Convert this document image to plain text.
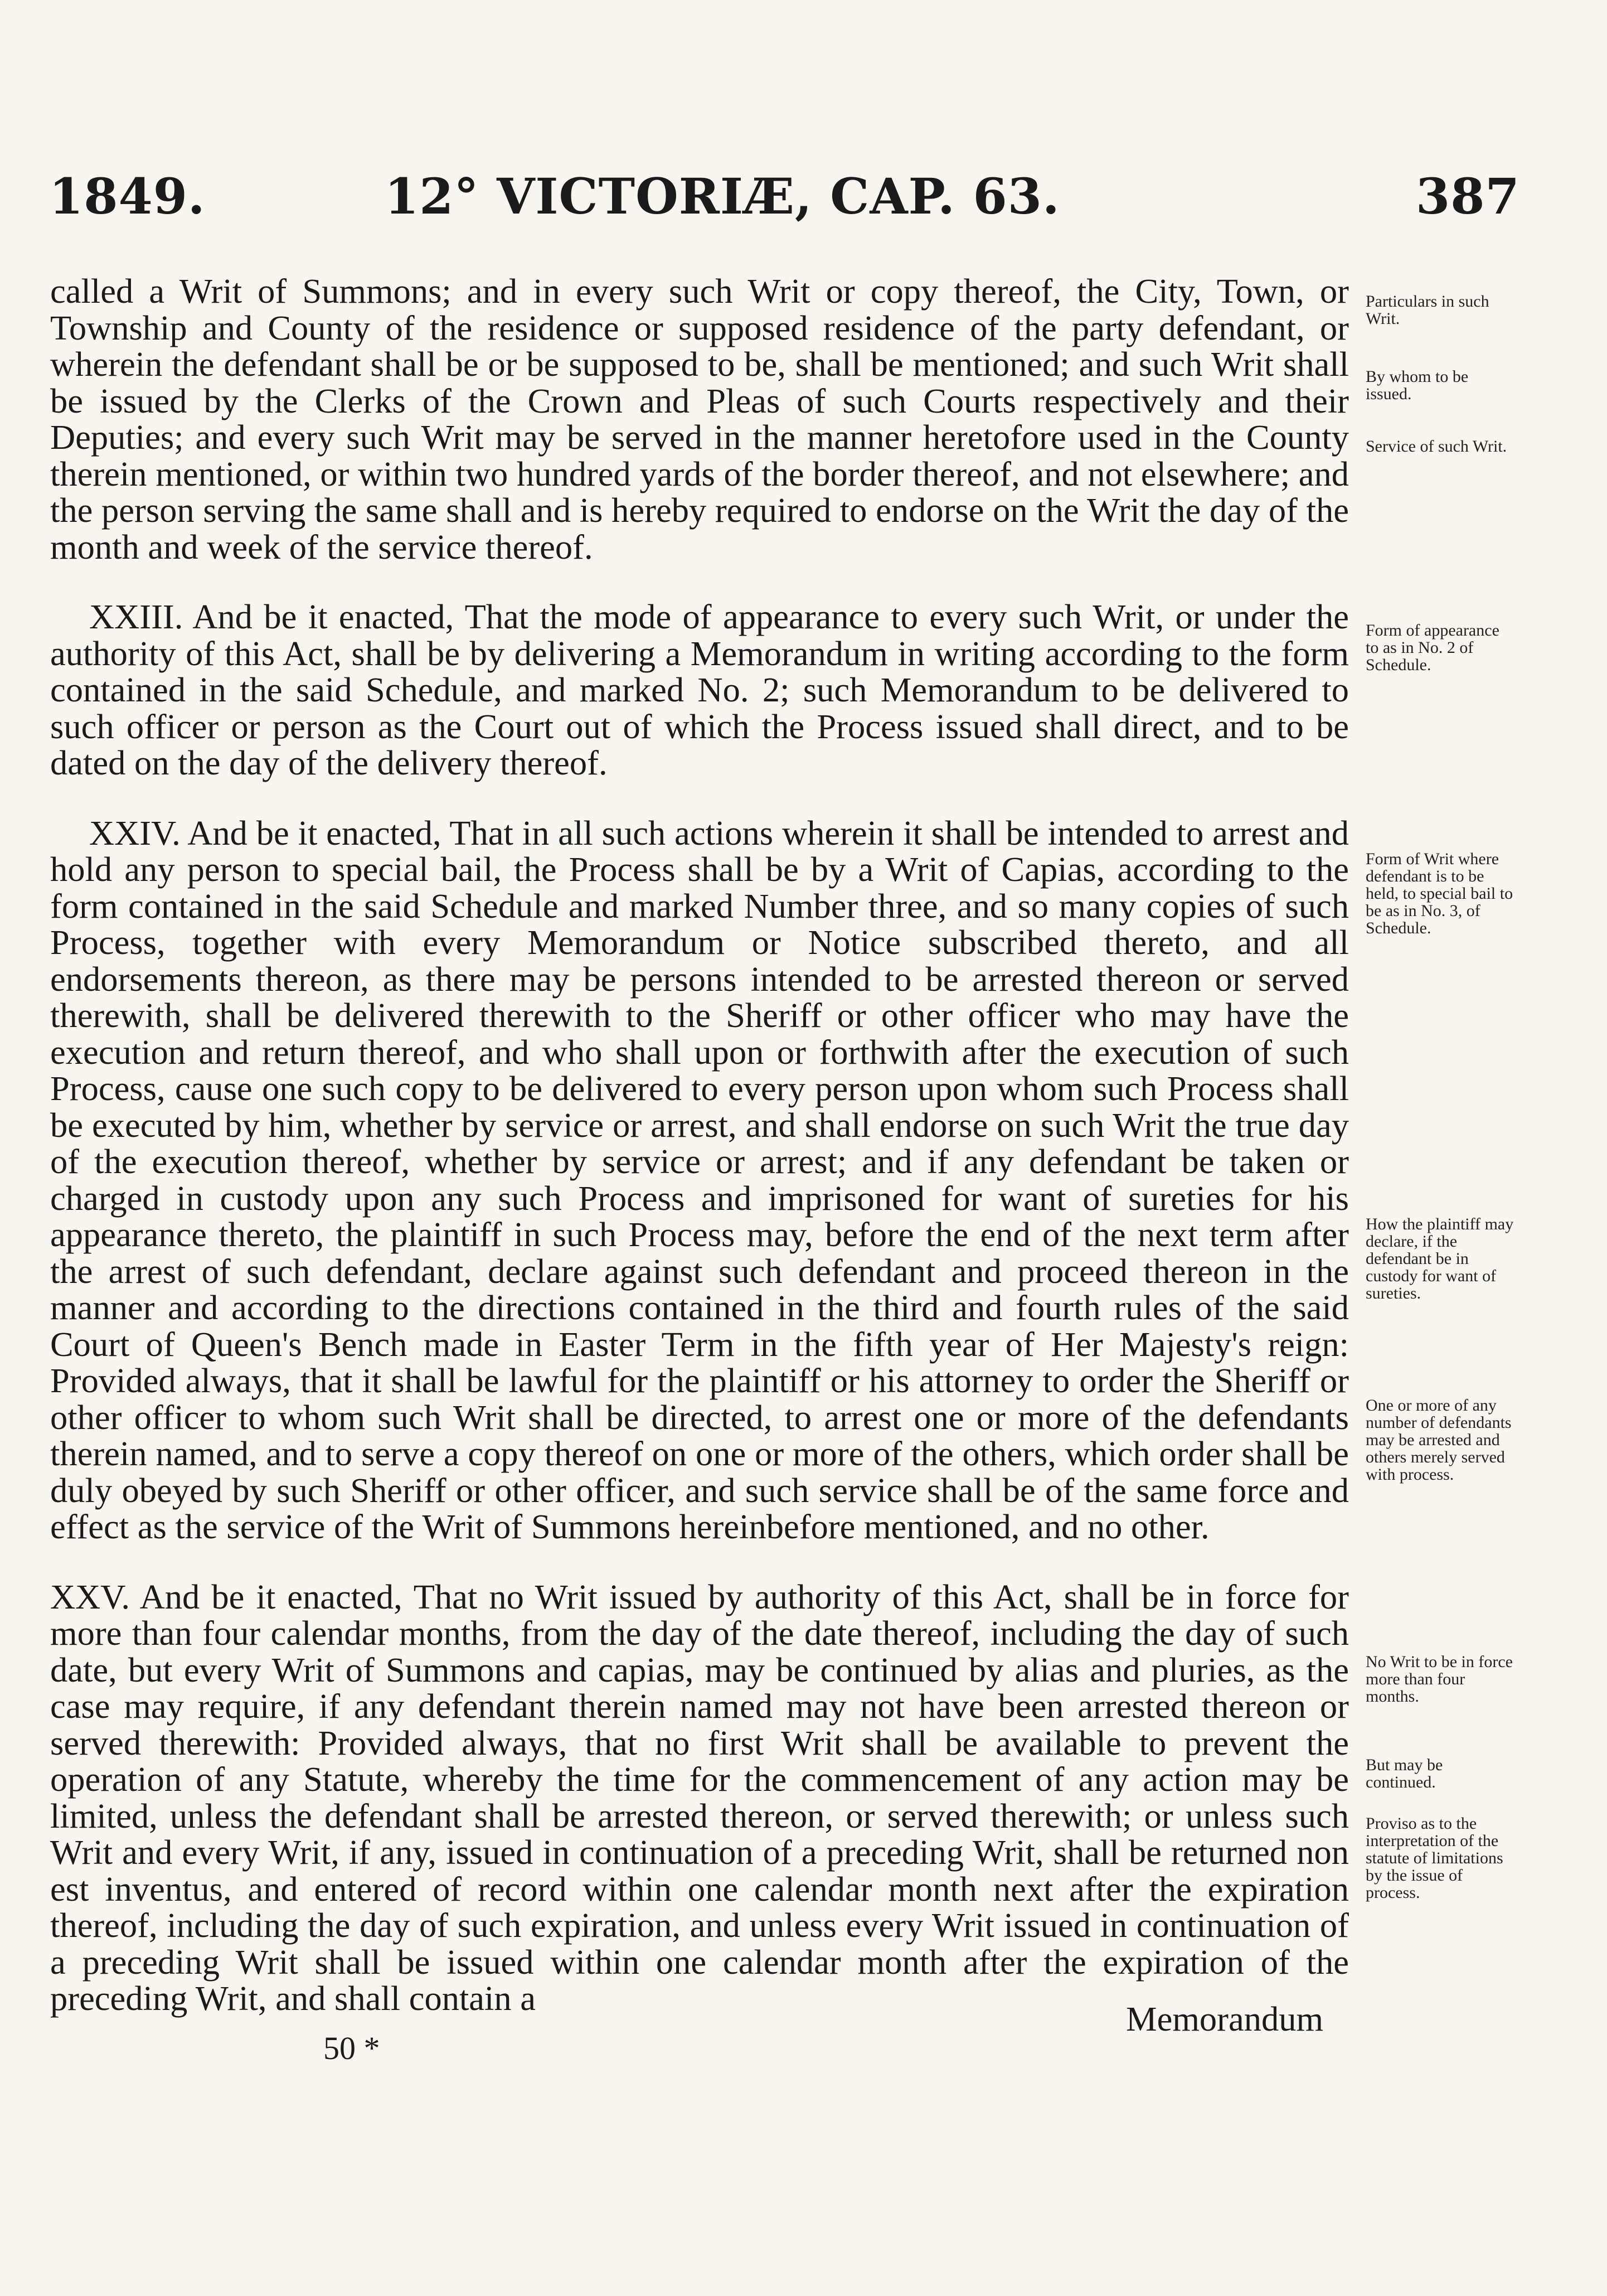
1849.	12° VICTORIÆ, CAP. 63.	387

called a Writ of Summons; and in every such Writ or copy thereof, the City, Town, or Township and County of the residence or supposed residence of the party defendant, or wherein the defendant shall be or be supposed to be, shall be mentioned; and such Writ shall be issued by the Clerks of the Crown and Pleas of such Courts respectively and their Deputies; and every such Writ may be served in the manner heretofore used in the County therein mentioned, or within two hundred yards of the border thereof, and not elsewhere; and the person serving the same shall and is hereby required to endorse on the Writ the day of the month and week of the service thereof.

XXIII. And be it enacted, That the mode of appearance to every such Writ, or under the authority of this Act, shall be by delivering a Memorandum in writing according to the form contained in the said Schedule, and marked No. 2; such Memorandum to be delivered to such officer or person as the Court out of which the Process issued shall direct, and to be dated on the day of the delivery thereof.

XXIV. And be it enacted, That in all such actions wherein it shall be intended to arrest and hold any person to special bail, the Process shall be by a Writ of Capias, according to the form contained in the said Schedule and marked Number three, and so many copies of such Process, together with every Memorandum or Notice subscribed thereto, and all endorsements thereon, as there may be persons intended to be arrested thereon or served therewith, shall be delivered therewith to the Sheriff or other officer who may have the execution and return thereof, and who shall upon or forthwith after the execution of such Process, cause one such copy to be delivered to every person upon whom such Process shall be executed by him, whether by service or arrest, and shall endorse on such Writ the true day of the execution thereof, whether by service or arrest; and if any defendant be taken or charged in custody upon any such Process and imprisoned for want of sureties for his appearance thereto, the plaintiff in such Process may, before the end of the next term after the arrest of such defendant, declare against such defendant and proceed thereon in the manner and according to the directions contained in the third and fourth rules of the said Court of Queen's Bench made in Easter Term in the fifth year of Her Majesty's reign: Provided always, that it shall be lawful for the plaintiff or his attorney to order the Sheriff or other officer to whom such Writ shall be directed, to arrest one or more of the defendants therein named, and to serve a copy thereof on one or more of the others, which order shall be duly obeyed by such Sheriff or other officer, and such service shall be of the same force and effect as the service of the Writ of Summons hereinbefore mentioned, and no other.

XXV. And be it enacted, That no Writ issued by authority of this Act, shall be in force for more than four calendar months, from the day of the date thereof, including the day of such date, but every Writ of Summons and capias, may be continued by alias and pluries, as the case may require, if any defendant therein named may not have been arrested thereon or served therewith: Provided always, that no first Writ shall be available to prevent the operation of any Statute, whereby the time for the commencement of any action may be limited, unless the defendant shall be arrested thereon, or served therewith; or unless such Writ and every Writ, if any, issued in continuation of a preceding Writ, shall be returned non est inventus, and entered of record within one calendar month next after the expiration thereof, including the day of such expiration, and unless every Writ issued in continuation of a preceding Writ shall be issued within one calendar month after the expiration of the preceding Writ, and shall contain a

Memorandum
50 *
Particulars in such Writ.
By whom to be issued.
Service of such Writ.
Form of appearance to as in No. 2 of Schedule.
Form of Writ where defendant is to be held, to special bail to be as in No. 3, of Schedule.
How the plaintiff may declare, if the defendant be in custody for want of sureties.
One or more of any number of defendants may be arrested and others merely served with process.
No Writ to be in force more than four months.
But may be continued.
Proviso as to the interpretation of the statute of limitations by the issue of process.
